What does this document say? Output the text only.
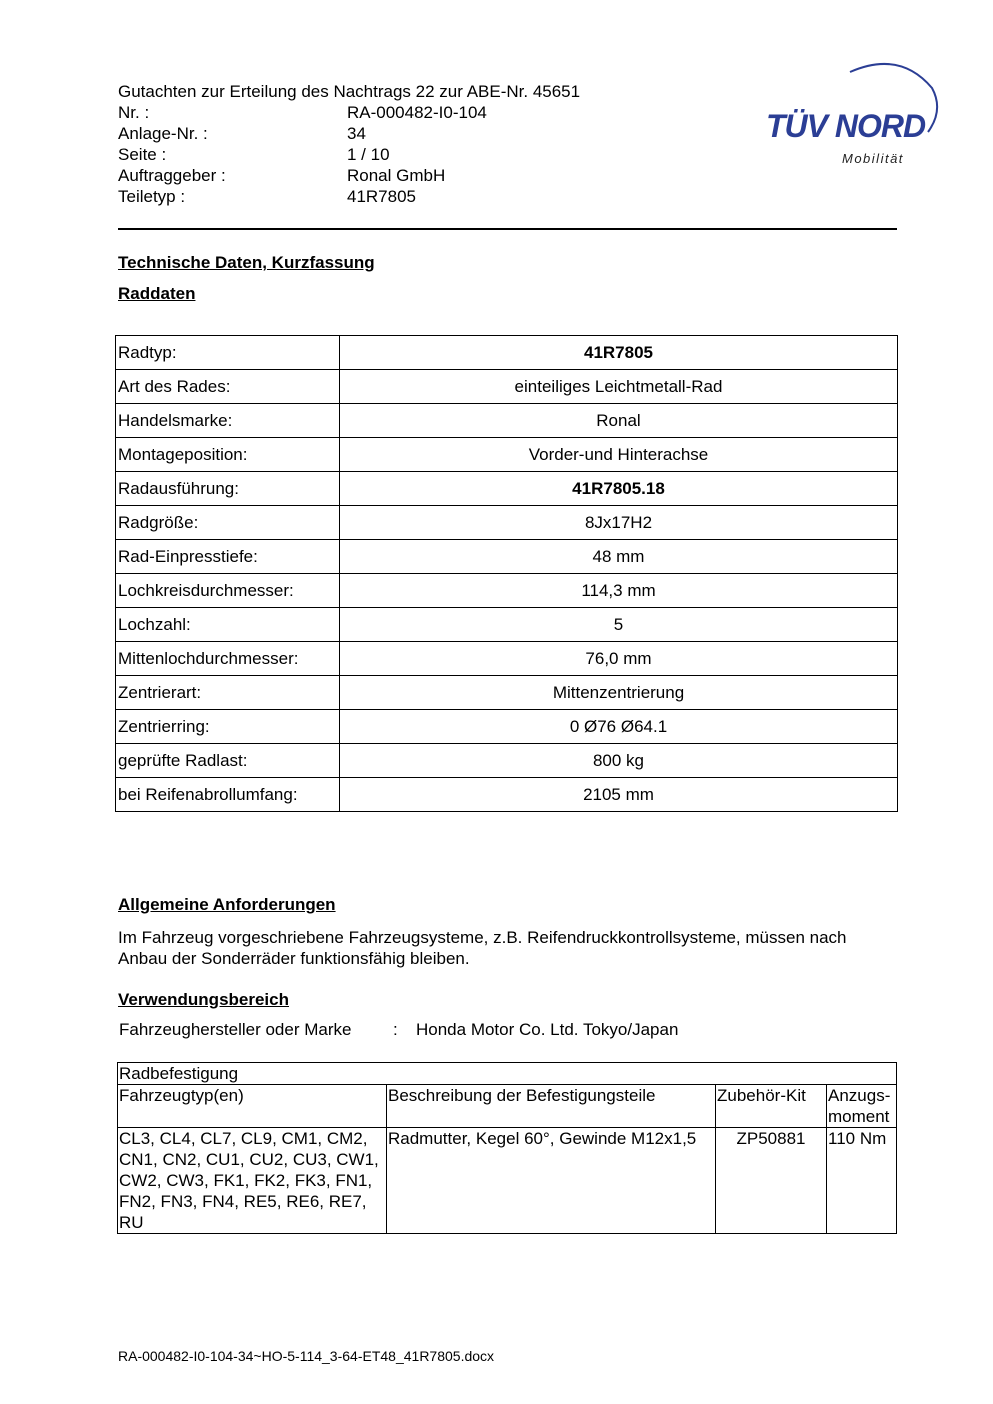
Gutachten zur Erteilung des Nachtrags 22 zur ABE-Nr. 45651
Nr. :	RA-000482-I0-104
Anlage-Nr. :	34
Seite :	1 / 10
Auftraggeber :	Ronal GmbH
Teiletyp :	41R7805
TÜV NORD
Mobilität
Technische Daten, Kurzfassung
Raddaten
Radtyp:	41R7805
Art des Rades:	einteiliges Leichtmetall-Rad
Handelsmarke:	Ronal
Montageposition:	Vorder-und Hinterachse
Radausführung:	41R7805.18
Radgröße:	8Jx17H2
Rad-Einpresstiefe:	48 mm
Lochkreisdurchmesser:	114,3 mm
Lochzahl:	5
Mittenlochdurchmesser:	76,0 mm
Zentrierart:	Mittenzentrierung
Zentrierring:	0 Ø76 Ø64.1
geprüfte Radlast:	800 kg
bei Reifenabrollumfang:	2105 mm
Allgemeine Anforderungen
Im Fahrzeug vorgeschriebene Fahrzeugsysteme, z.B. Reifendruckkontrollsysteme, müssen nach Anbau der Sonderräder funktionsfähig bleiben.
Verwendungsbereich
Fahrzeughersteller oder Marke : Honda Motor Co. Ltd. Tokyo/Japan
Radbefestigung			
Fahrzeugtyp(en)	Beschreibung der Befestigungsteile	Zubehör-Kit	Anzugs- moment
CL3, CL4, CL7, CL9, CM1, CM2, CN1, CN2, CU1, CU2, CU3, CW1, CW2, CW3, FK1, FK2, FK3, FN1, FN2, FN3, FN4, RE5, RE6, RE7, RU	Radmutter, Kegel 60°, Gewinde M12x1,5	ZP50881	110 Nm
RA-000482-I0-104-34~HO-5-114_3-64-ET48_41R7805.docx
